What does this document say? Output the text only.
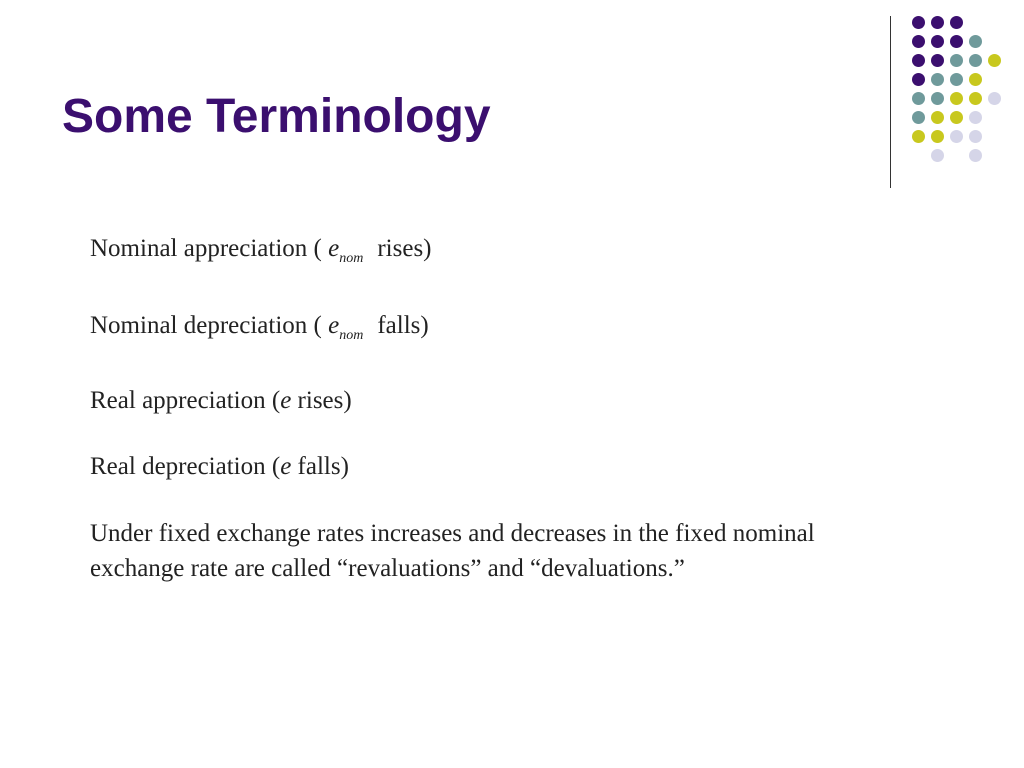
Some Terminology
Nominal appreciation ( $e_{nom}$ rises)
Nominal depreciation ( $e_{nom}$ falls)
Real appreciation (e rises)
Real depreciation (e falls)
Under fixed exchange rates increases and decreases in the fixed nominal
exchange rate are called “revaluations” and “devaluations.”
